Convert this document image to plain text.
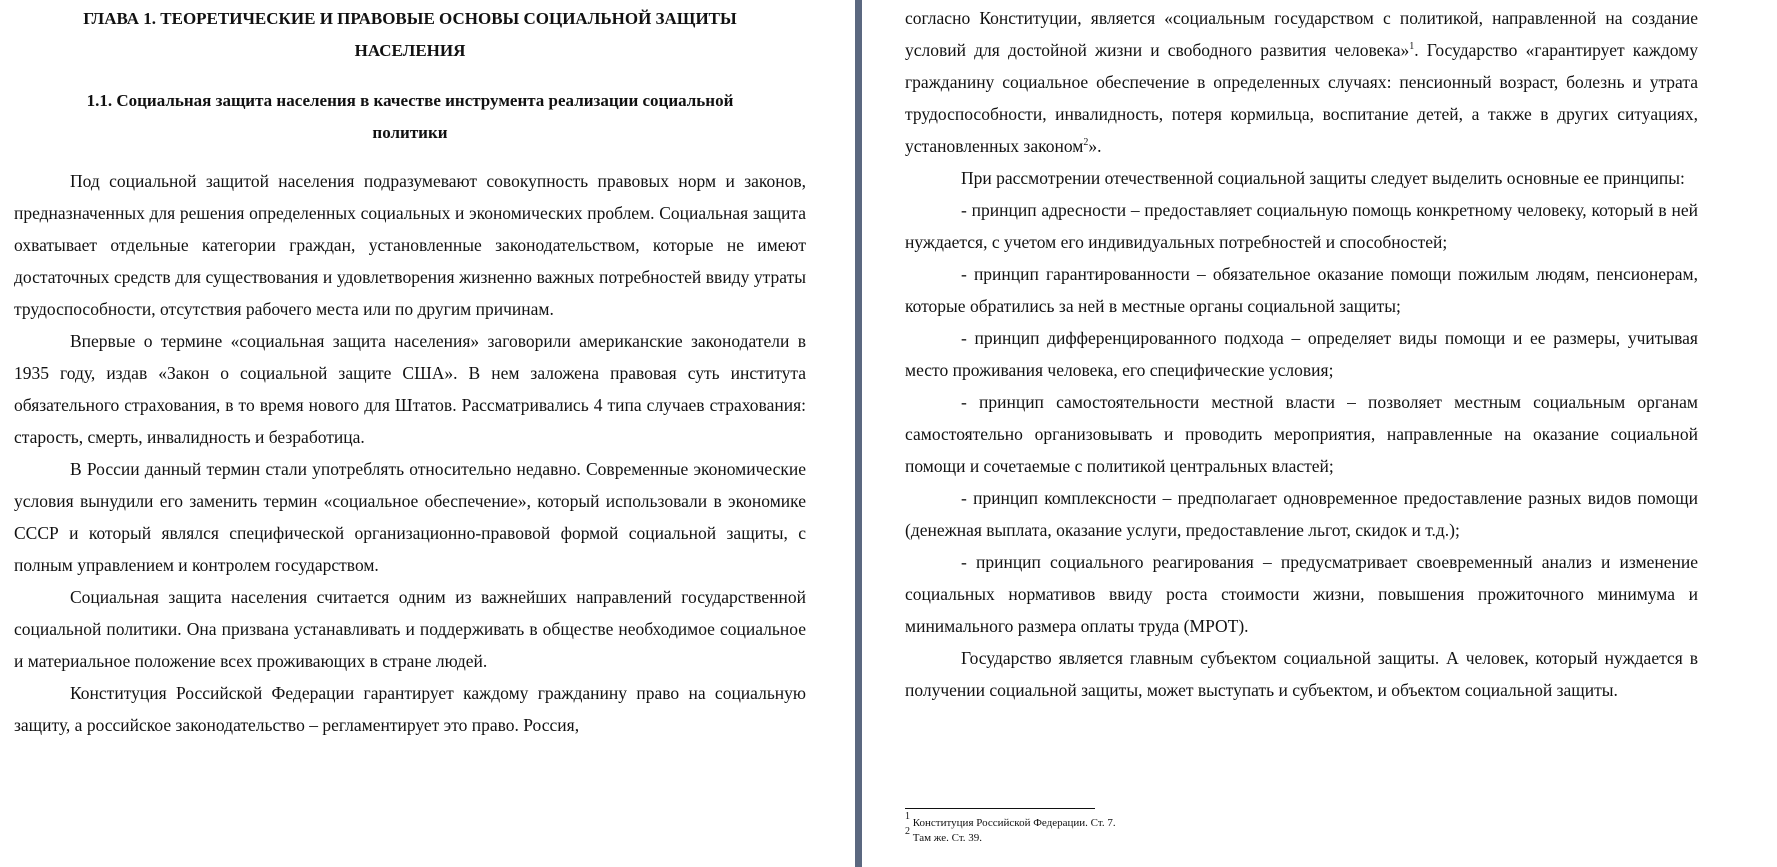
ГЛАВА 1. ТЕОРЕТИЧЕСКИЕ И ПРАВОВЫЕ ОСНОВЫ СОЦИАЛЬНОЙ ЗАЩИТЫ
НАСЕЛЕНИЯ
1.1. Социальная защита населения в качестве инструмента реализации социальной
политики

Под социальной защитой населения подразумевают совокупность правовых норм и законов, предназначенных для решения определенных социальных и экономических проблем. Социальная защита охватывает отдельные категории граждан, установленные законодательством, которые не имеют достаточных средств для существования и удовлетворения жизненно важных потребностей ввиду утраты трудоспособности, отсутствия рабочего места или по другим причинам.

Впервые о термине «социальная защита населения» заговорили американские законодатели в 1935 году, издав «Закон о социальной защите США». В нем заложена правовая суть института обязательного страхования, в то время нового для Штатов. Рассматривались 4 типа случаев страхования: старость, смерть, инвалидность и безработица.

В России данный термин стали употреблять относительно недавно. Современные экономические условия вынудили его заменить термин «социальное обеспечение», который использовали в экономике СССР и который являлся специфической организационно-правовой формой социальной защиты, с полным управлением и контролем государством.

Социальная защита населения считается одним из важнейших направлений государственной социальной политики. Она призвана устанавливать и поддерживать в обществе необходимое социальное и материальное положение всех проживающих в стране людей.

Конституция Российской Федерации гарантирует каждому гражданину право на социальную защиту, а российское законодательство – регламентирует это право. Россия,

согласно Конституции, является «социальным государством с политикой, направленной на создание условий для достойной жизни и свободного развития человека»$^1$. Государство «гарантирует каждому гражданину социальное обеспечение в определенных случаях: пенсионный возраст, болезнь и утрата трудоспособности, инвалидность, потеря кормильца, воспитание детей, а также в других ситуациях, установленных законом$^2$».

При рассмотрении отечественной социальной защиты следует выделить основные ее принципы:

- принцип адресности – предоставляет социальную помощь конкретному человеку, который в ней нуждается, с учетом его индивидуальных потребностей и способностей;

- принцип гарантированности – обязательное оказание помощи пожилым людям, пенсионерам, которые обратились за ней в местные органы социальной защиты;

- принцип дифференцированного подхода – определяет виды помощи и ее размеры, учитывая место проживания человека, его специфические условия;

- принцип самостоятельности местной власти – позволяет местным социальным органам самостоятельно организовывать и проводить мероприятия, направленные на оказание социальной помощи и сочетаемые с политикой центральных властей;

- принцип комплексности – предполагает одновременное предоставление разных видов помощи (денежная выплата, оказание услуги, предоставление льгот, скидок и т.д.);

- принцип социального реагирования – предусматривает своевременный анализ и изменение социальных нормативов ввиду роста стоимости жизни, повышения прожиточного минимума и минимального размера оплаты труда (МРОТ).

Государство является главным субъектом социальной защиты. А человек, который нуждается в получении социальной защиты, может выступать и субъектом, и объектом социальной защиты.

$^1$ Конституция Российской Федерации. Ст. 7.
$^2$ Там же. Ст. 39.
